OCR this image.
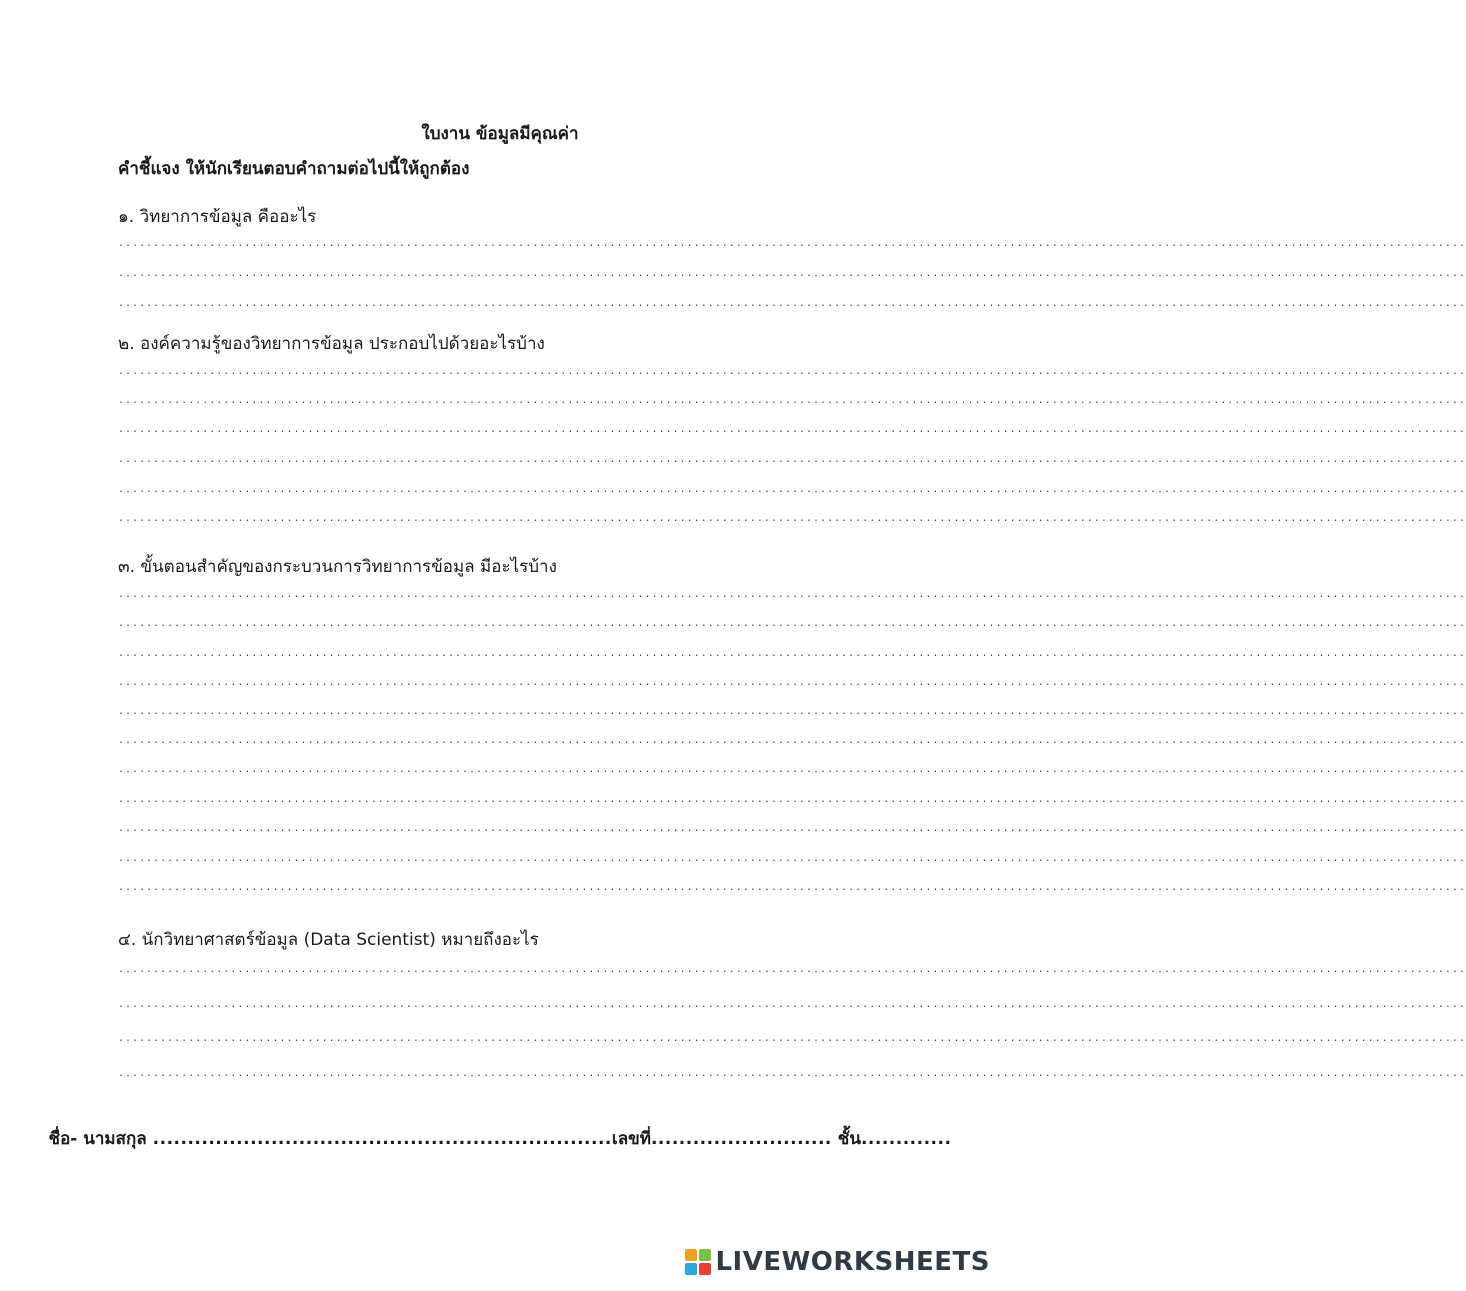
ใบงาน ข้อมูลมีคุณค่า
คำชี้แจง ให้นักเรียนตอบคำถามต่อไปนี้ให้ถูกต้อง
๑. วิทยาการข้อมูล คืออะไร
................................................................................................................................................................................................
................................................................................................................................................................................................
................................................................................................................................................................................................
๒. องค์ความรู้ของวิทยาการข้อมูล ประกอบไปด้วยอะไรบ้าง
................................................................................................................................................................................................
................................................................................................................................................................................................
................................................................................................................................................................................................
................................................................................................................................................................................................
................................................................................................................................................................................................
................................................................................................................................................................................................
๓. ขั้นตอนสำคัญของกระบวนการวิทยาการข้อมูล มีอะไรบ้าง
................................................................................................................................................................................................
................................................................................................................................................................................................
................................................................................................................................................................................................
................................................................................................................................................................................................
................................................................................................................................................................................................
................................................................................................................................................................................................
................................................................................................................................................................................................
................................................................................................................................................................................................
................................................................................................................................................................................................
................................................................................................................................................................................................
................................................................................................................................................................................................
๔. นักวิทยาศาสตร์ข้อมูล (Data Scientist) หมายถึงอะไร
................................................................................................................................................................................................
................................................................................................................................................................................................
................................................................................................................................................................................................
................................................................................................................................................................................................
ชื่อ- นามสกุล ..................................................................เลขที่.......................... ชั้น.............
LIVEWORKSHEETS
